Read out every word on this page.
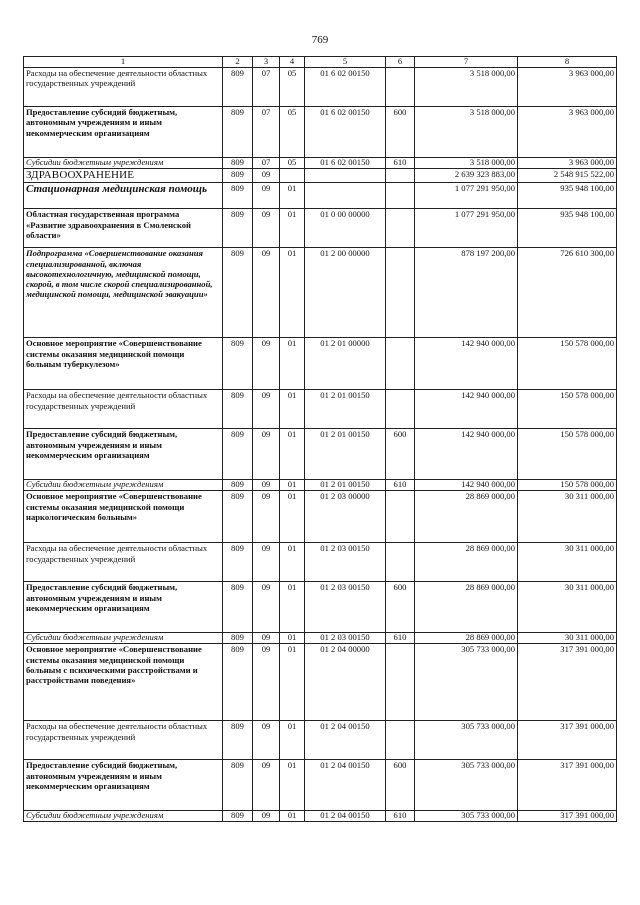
769
1	2	3	4	5	6	7	8
Расходы на обеспечение деятельности областных государственных учреждений	809	07	05	01 6 02 00150		3 518 000,00	3 963 000,00
Предоставление субсидий бюджетным, автономным учреждениям и иным некоммерческим организациям	809	07	05	01 6 02 00150	600	3 518 000,00	3 963 000,00
Субсидии бюджетным учреждениям	809	07	05	01 6 02 00150	610	3 518 000,00	3 963 000,00
ЗДРАВООХРАНЕНИЕ	809	09				2 639 323 883,00	2 548 915 522,00
Стационарная медицинская помощь	809	09	01			1 077 291 950,00	935 948 100,00
Областная государственная программа «Развитие здравоохранения в Смоленской области»	809	09	01	01 0 00 00000		1 077 291 950,00	935 948 100,00
Подпрограмма «Совершенствование оказания специализированной, включая высокотехнологичную, медицинской помощи, скорой, в том числе скорой специализированной, медицинской помощи, медицинской эвакуации»	809	09	01	01 2 00 00000		878 197 200,00	726 610 300,00
Основное мероприятие «Совершенствование системы оказания медицинской помощи больным туберкулезом»	809	09	01	01 2 01 00000		142 940 000,00	150 578 000,00
Расходы на обеспечение деятельности областных государственных учреждений	809	09	01	01 2 01 00150		142 940 000,00	150 578 000,00
Предоставление субсидий бюджетным, автономным учреждениям и иным некоммерческим организациям	809	09	01	01 2 01 00150	600	142 940 000,00	150 578 000,00
Субсидии бюджетным учреждениям	809	09	01	01 2 01 00150	610	142 940 000,00	150 578 000,00
Основное мероприятие «Совершенствование системы оказания медицинской помощи наркологическим больным»	809	09	01	01 2 03 00000		28 869 000,00	30 311 000,00
Расходы на обеспечение деятельности областных государственных учреждений	809	09	01	01 2 03 00150		28 869 000,00	30 311 000,00
Предоставление субсидий бюджетным, автономным учреждениям и иным некоммерческим организациям	809	09	01	01 2 03 00150	600	28 869 000,00	30 311 000,00
Субсидии бюджетным учреждениям	809	09	01	01 2 03 00150	610	28 869 000,00	30 311 000,00
Основное мероприятие «Совершенствование системы оказания медицинской помощи больным с психическими расстройствами и расстройствами поведения»	809	09	01	01 2 04 00000		305 733 000,00	317 391 000,00
Расходы на обеспечение деятельности областных государственных учреждений	809	09	01	01 2 04 00150		305 733 000,00	317 391 000,00
Предоставление субсидий бюджетным, автономным учреждениям и иным некоммерческим организациям	809	09	01	01 2 04 00150	600	305 733 000,00	317 391 000,00
Субсидии бюджетным учреждениям	809	09	01	01 2 04 00150	610	305 733 000,00	317 391 000,00
